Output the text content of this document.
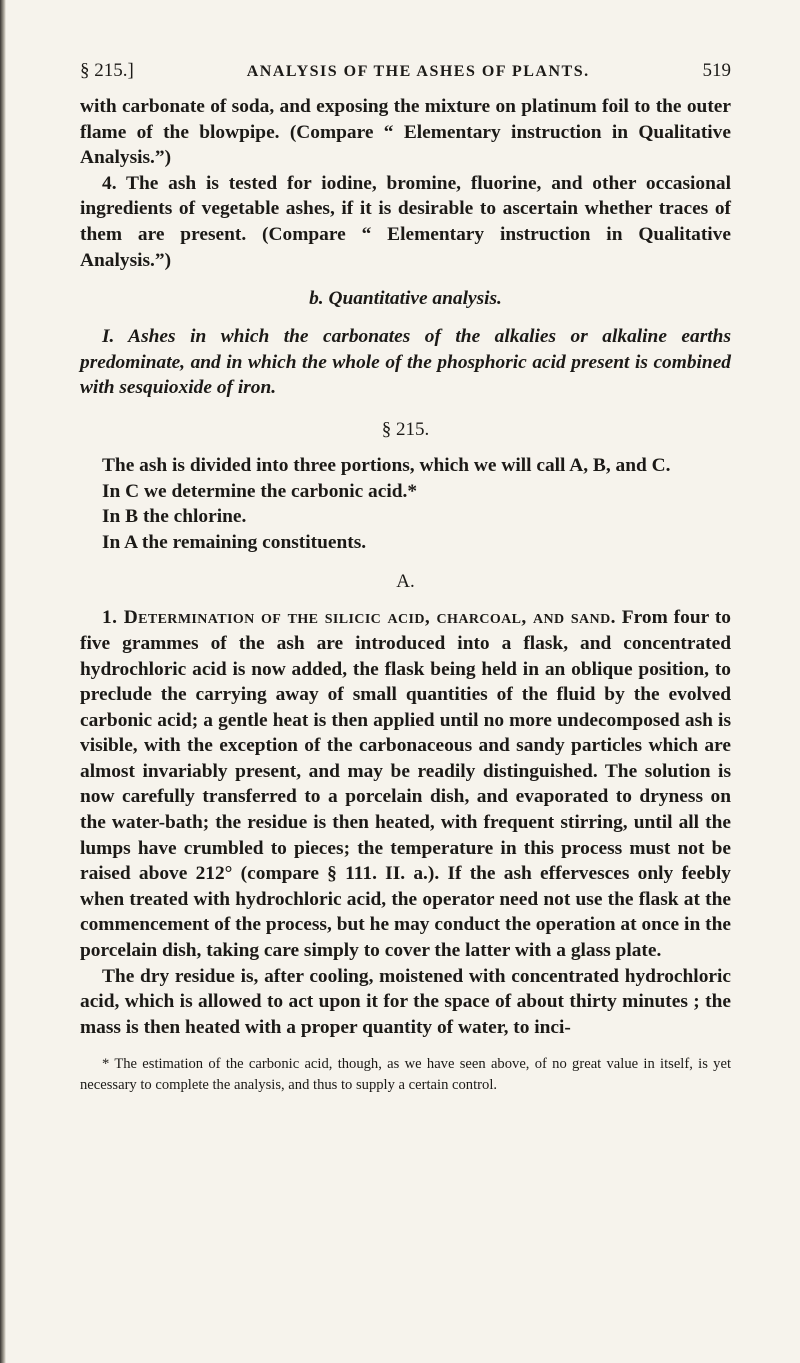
§ 215.]	ANALYSIS OF THE ASHES OF PLANTS.	519

with carbonate of soda, and exposing the mixture on platinum foil to the outer flame of the blowpipe. (Compare “ Elementary instruction in Qualitative Analysis.”)

4. The ash is tested for iodine, bromine, fluorine, and other occasional ingredients of vegetable ashes, if it is desirable to ascertain whether traces of them are present. (Compare “ Elementary instruction in Qualitative Analysis.”)

b. Quantitative analysis.

I. Ashes in which the carbonates of the alkalies or alkaline earths predominate, and in which the whole of the phosphoric acid present is combined with sesquioxide of iron.

§ 215.

The ash is divided into three portions, which we will call A, B, and C.

In C we determine the carbonic acid.*

In B the chlorine.

In A the remaining constituents.

A.

1. Determination of the silicic acid, charcoal, and sand. From four to five grammes of the ash are introduced into a flask, and concentrated hydrochloric acid is now added, the flask being held in an oblique position, to preclude the carrying away of small quantities of the fluid by the evolved carbonic acid; a gentle heat is then applied until no more undecomposed ash is visible, with the exception of the carbonaceous and sandy particles which are almost invariably present, and may be readily distinguished. The solution is now carefully transferred to a porcelain dish, and evaporated to dryness on the water-bath; the residue is then heated, with frequent stirring, until all the lumps have crumbled to pieces; the temperature in this process must not be raised above 212° (compare § 111. II. a.). If the ash effervesces only feebly when treated with hydrochloric acid, the operator need not use the flask at the commencement of the process, but he may conduct the operation at once in the porcelain dish, taking care simply to cover the latter with a glass plate.

The dry residue is, after cooling, moistened with concentrated hydrochloric acid, which is allowed to act upon it for the space of about thirty minutes ; the mass is then heated with a proper quantity of water, to inci-

* The estimation of the carbonic acid, though, as we have seen above, of no great value in itself, is yet necessary to complete the analysis, and thus to supply a certain control.
